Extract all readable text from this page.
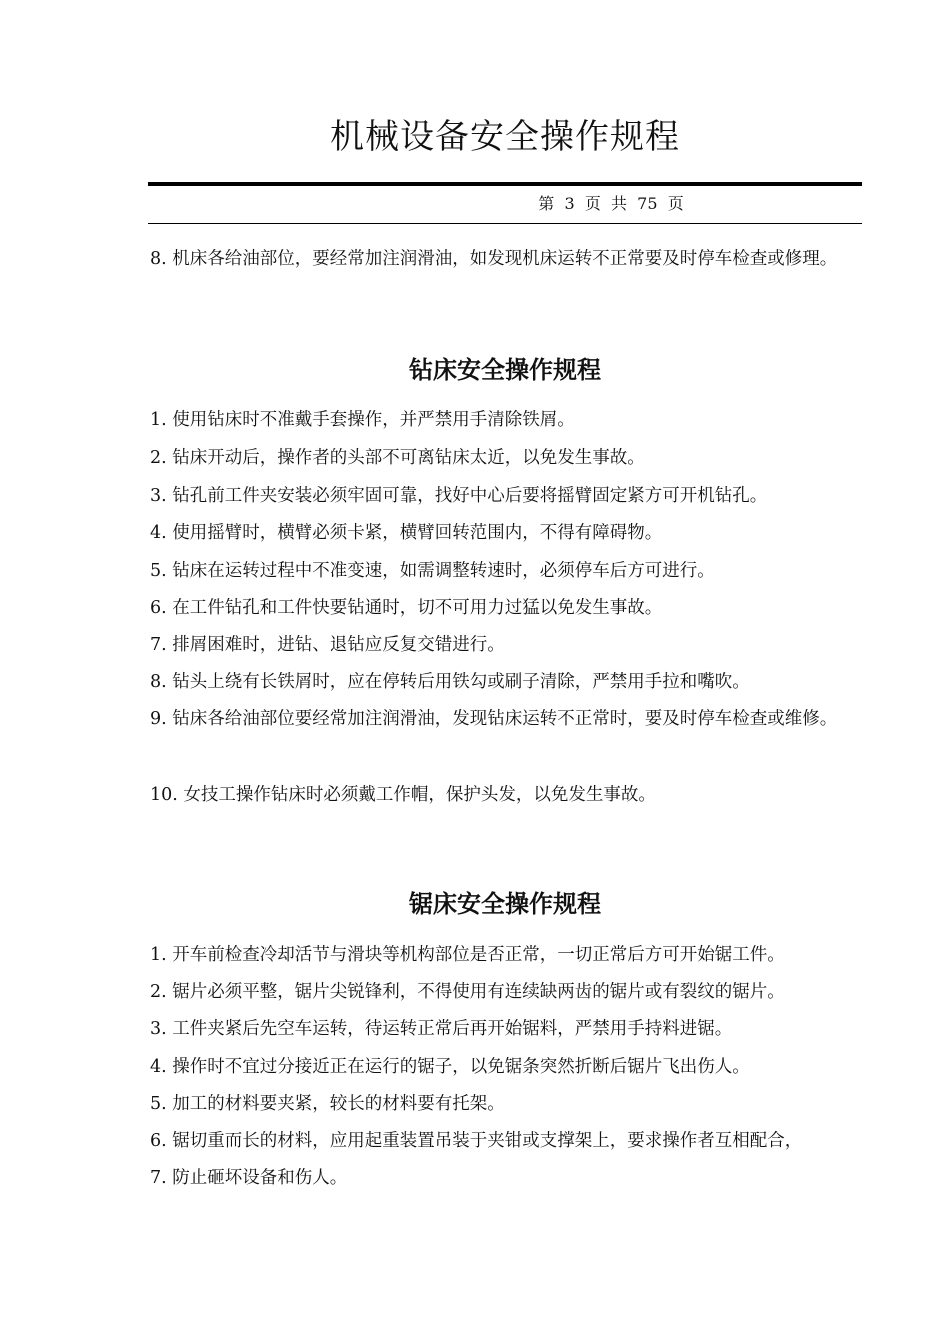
机械设备安全操作规程
第  3  页  共  75  页

8. 机床各给油部位，要经常加注润滑油，如发现机床运转不正常要及时停车检查或修理。

钻床安全操作规程

1. 使用钻床时不准戴手套操作，并严禁用手清除铁屑。

2. 钻床开动后，操作者的头部不可离钻床太近，以免发生事故。

3. 钻孔前工件夹安装必须牢固可靠，找好中心后要将摇臂固定紧方可开机钻孔。

4. 使用摇臂时，横臂必须卡紧，横臂回转范围内，不得有障碍物。

5. 钻床在运转过程中不准变速，如需调整转速时，必须停车后方可进行。

6. 在工件钻孔和工件快要钻通时，切不可用力过猛以免发生事故。

7. 排屑困难时，进钻、退钻应反复交错进行。

8. 钻头上绕有长铁屑时，应在停转后用铁勾或刷子清除，严禁用手拉和嘴吹。

9. 钻床各给油部位要经常加注润滑油，发现钻床运转不正常时，要及时停车检查或维修。

10. 女技工操作钻床时必须戴工作帽，保护头发，以免发生事故。

锯床安全操作规程

1. 开车前检查冷却活节与滑块等机构部位是否正常，一切正常后方可开始锯工件。

2. 锯片必须平整，锯片尖锐锋利，不得使用有连续缺两齿的锯片或有裂纹的锯片。

3. 工件夹紧后先空车运转，待运转正常后再开始锯料，严禁用手持料进锯。

4. 操作时不宜过分接近正在运行的锯子，以免锯条突然折断后锯片飞出伤人。

5. 加工的材料要夹紧，较长的材料要有托架。

6. 锯切重而长的材料，应用起重装置吊装于夹钳或支撑架上，要求操作者互相配合，

7. 防止砸坏设备和伤人。
